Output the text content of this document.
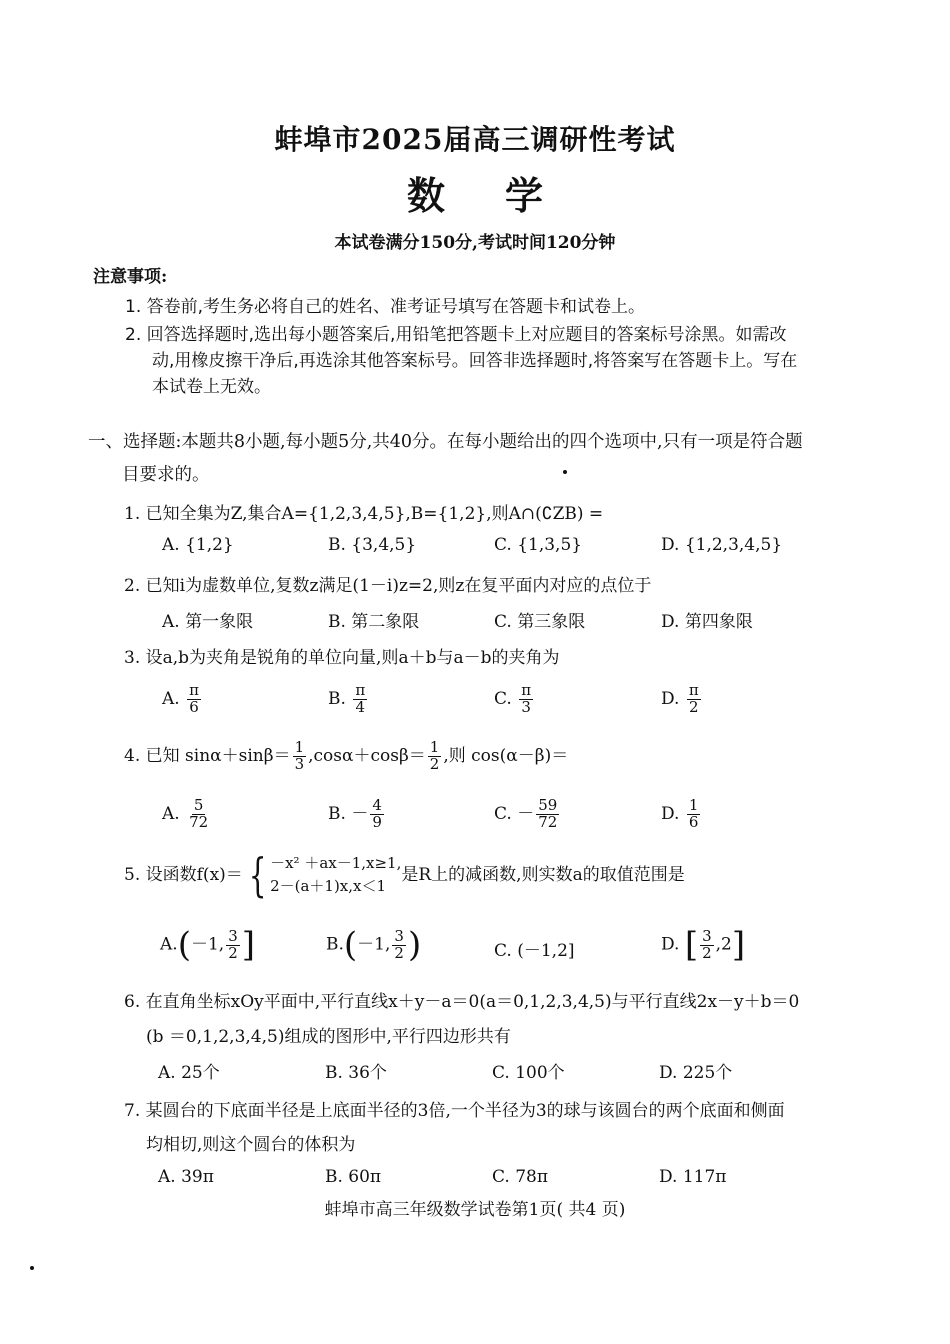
蚌埠市2025届高三调研性考试
数学
本试卷满分150分,考试时间120分钟
注意事项:
1. 答卷前,考生务必将自己的姓名、准考证号填写在答题卡和试卷上。
2. 回答选择题时,选出每小题答案后,用铅笔把答题卡上对应题目的答案标号涂黑。如需改
动,用橡皮擦干净后,再选涂其他答案标号。回答非选择题时,将答案写在答题卡上。写在
本试卷上无效。
一、选择题:本题共8小题,每小题5分,共40分。在每小题给出的四个选项中,只有一项是符合题
目要求的。
1. 已知全集为Z,集合A={1,2,3,4,5},B={1,2},则A∩(∁ZB) =
A. {1,2}	B. {3,4,5}	C. {1,3,5}	D. {1,2,3,4,5}
2. 已知i为虚数单位,复数z满足(1－i)z=2,则z在复平面内对应的点位于
A. 第一象限	B. 第二象限	C. 第三象限	D. 第四象限
3. 设a,b为夹角是锐角的单位向量,则a＋b与a－b的夹角为
A. $\frac{\pi}{6}$	B. $\frac{\pi}{4}$	C. $\frac{\pi}{3}$	D. $\frac{\pi}{2}$
4. 已知 $\sin\alpha+\sin\beta= \frac{1}{3} ,\cos\alpha+\cos\beta= \frac{1}{2}$ ,则 cos(α－β)＝
A. $\frac{5}{72}$	B. － $\frac{4}{9}$	C. － $\frac{59}{72}$	D. $\frac{1}{6}$
5. 设函数f(x)＝ { －x² ＋ax－1,x≥1,
2－(a＋1)x,x＜1
是R上的减函数,则实数a的取值范围是
A.(－1, $\frac{3}{2}$ ]	B.(－1, $\frac{3}{2}$ )	C. (－1,2]	D. [ $\frac{3}{2} ,2$]
6. 在直角坐标xOy平面中,平行直线x＋y－a＝0(a＝0,1,2,3,4,5)与平行直线2x－y＋b＝0
(b ＝0,1,2,3,4,5)组成的图形中,平行四边形共有
A. 25个	B. 36个	C. 100个	D. 225个
7. 某圆台的下底面半径是上底面半径的3倍,一个半径为3的球与该圆台的两个底面和侧面
均相切,则这个圆台的体积为
A. 39π	B. 60π	C. 78π	D. 117π
蚌埠市高三年级数学试卷第1页( 共4 页)
